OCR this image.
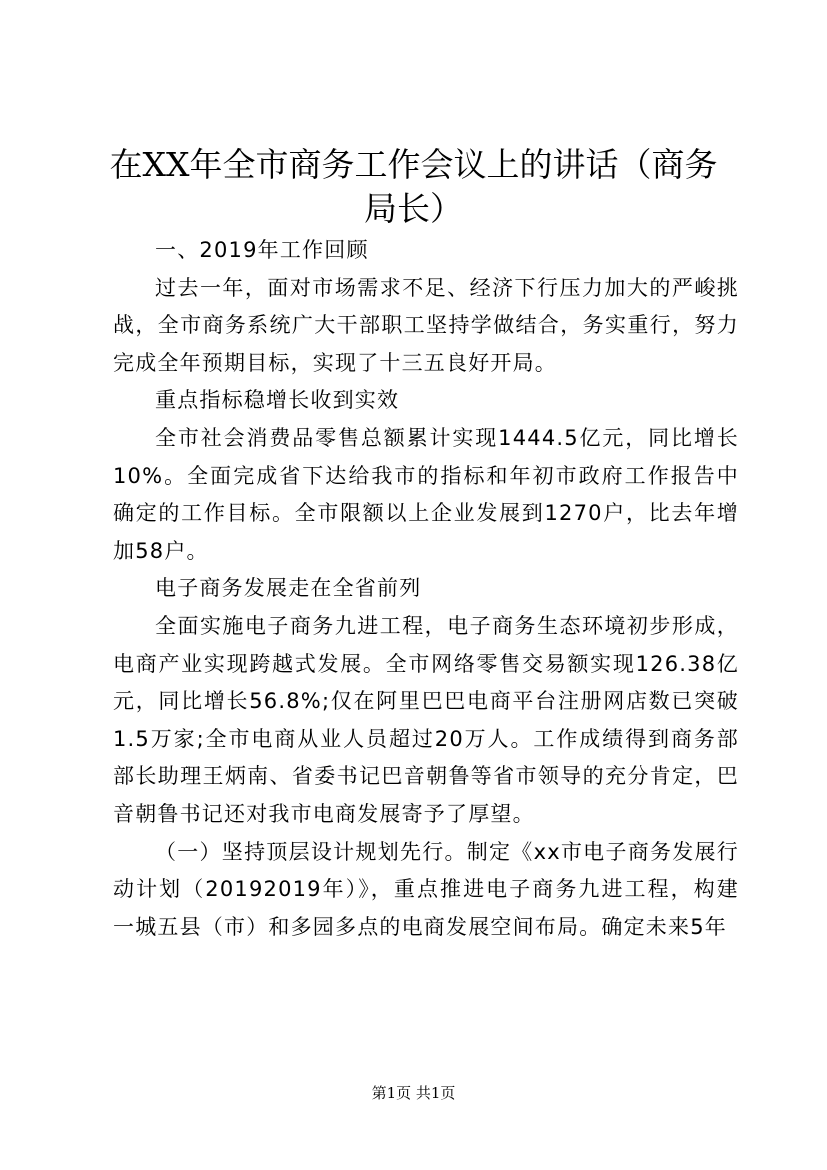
在XX年全市商务工作会议上的讲话（商务局长）

一、2019年工作回顾

过去一年，面对市场需求不足、经济下行压力加大的严峻挑战，全市商务系统广大干部职工坚持学做结合，务实重行，努力完成全年预期目标，实现了十三五良好开局。

重点指标稳增长收到实效

全市社会消费品零售总额累计实现1444.5亿元，同比增长10%。全面完成省下达给我市的指标和年初市政府工作报告中确定的工作目标。全市限额以上企业发展到1270户，比去年增加58户。

电子商务发展走在全省前列

全面实施电子商务九进工程，电子商务生态环境初步形成，电商产业实现跨越式发展。全市网络零售交易额实现126.38亿元，同比增长56.8%;仅在阿里巴巴电商平台注册网店数已突破1.5万家;全市电商从业人员超过20万人。工作成绩得到商务部部长助理王炳南、省委书记巴音朝鲁等省市领导的充分肯定，巴音朝鲁书记还对我市电商发展寄予了厚望。

（一）坚持顶层设计规划先行。制定《xx市电子商务发展行动计划（20192019年）》，重点推进电子商务九进工程，构建一城五县（市）和多园多点的电商发展空间布局。确定未来5年

第1页 共1页
